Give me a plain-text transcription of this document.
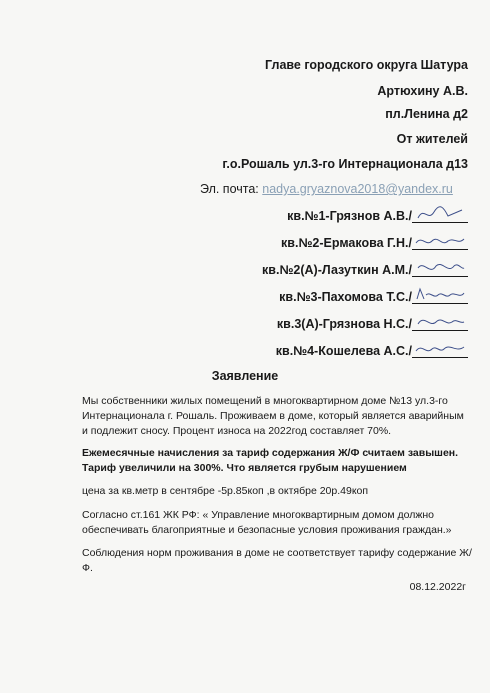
Главе городского округа Шатура
Артюхину А.В.
пл.Ленина д2
От жителей
г.о.Рошаль ул.3-го Интернационала д13
Эл. почта: nadya.gryaznova2018@yandex.ru
кв.№1-Грязнов А.В./
кв.№2-Ермакова Г.Н./
кв.№2(А)-Лазуткин А.М./
кв.№3-Пахомова Т.С./
кв.3(А)-Грязнова Н.С./
кв.№4-Кошелева А.С./
Заявление
Мы собственники жилых помещений в многоквартирном доме №13 ул.3-го Интернационала г. Рошаль. Проживаем в доме, который является аварийным и подлежит сносу. Процент износа на 2022год составляет 70%.
Ежемесячные начисления за тариф содержания Ж/Ф считаем завышен. Тариф увеличили на 300%. Что является грубым нарушением
цена за кв.метр в сентябре -5р.85коп ,в октябре 20р.49коп
Согласно ст.161 ЖК РФ: « Управление многоквартирным домом должно обеспечивать благоприятные и безопасные условия проживания граждан.»
Соблюдения норм проживания в доме не соответствует тарифу содержание Ж/Ф.
08.12.2022г
